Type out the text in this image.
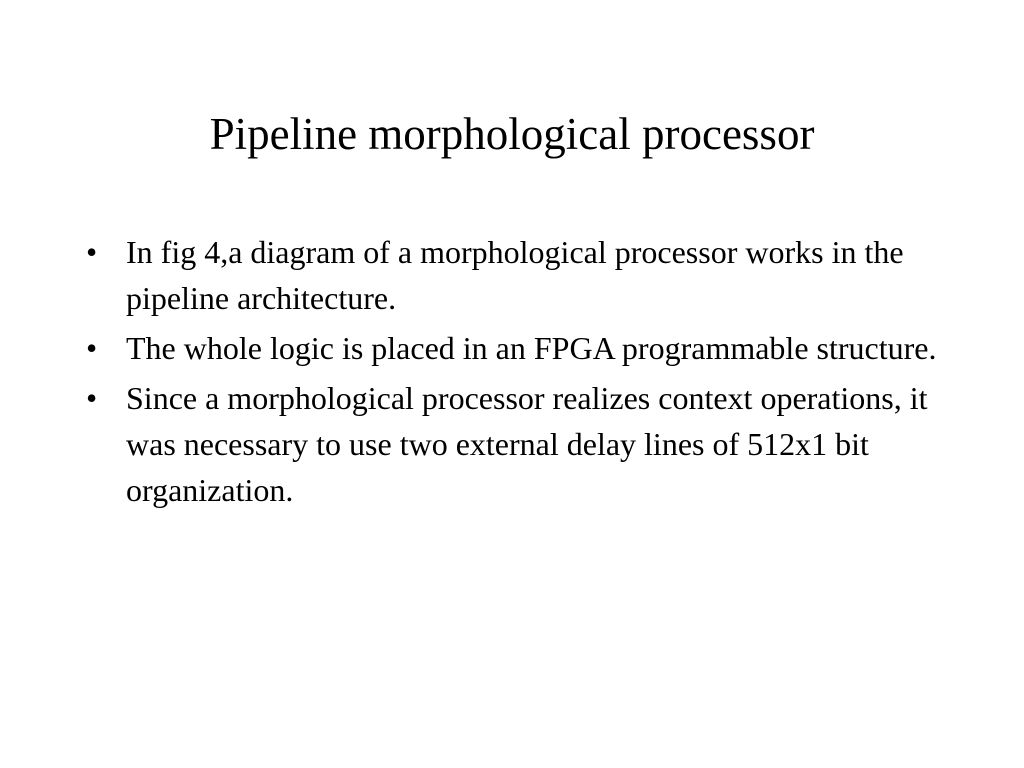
Pipeline morphological processor
• In fig 4,a diagram of a morphological processor works in the pipeline architecture.
• The whole logic is placed in an FPGA programmable structure.
• Since a morphological processor realizes context operations, it was necessary to use two external delay lines of 512x1 bit organization.
